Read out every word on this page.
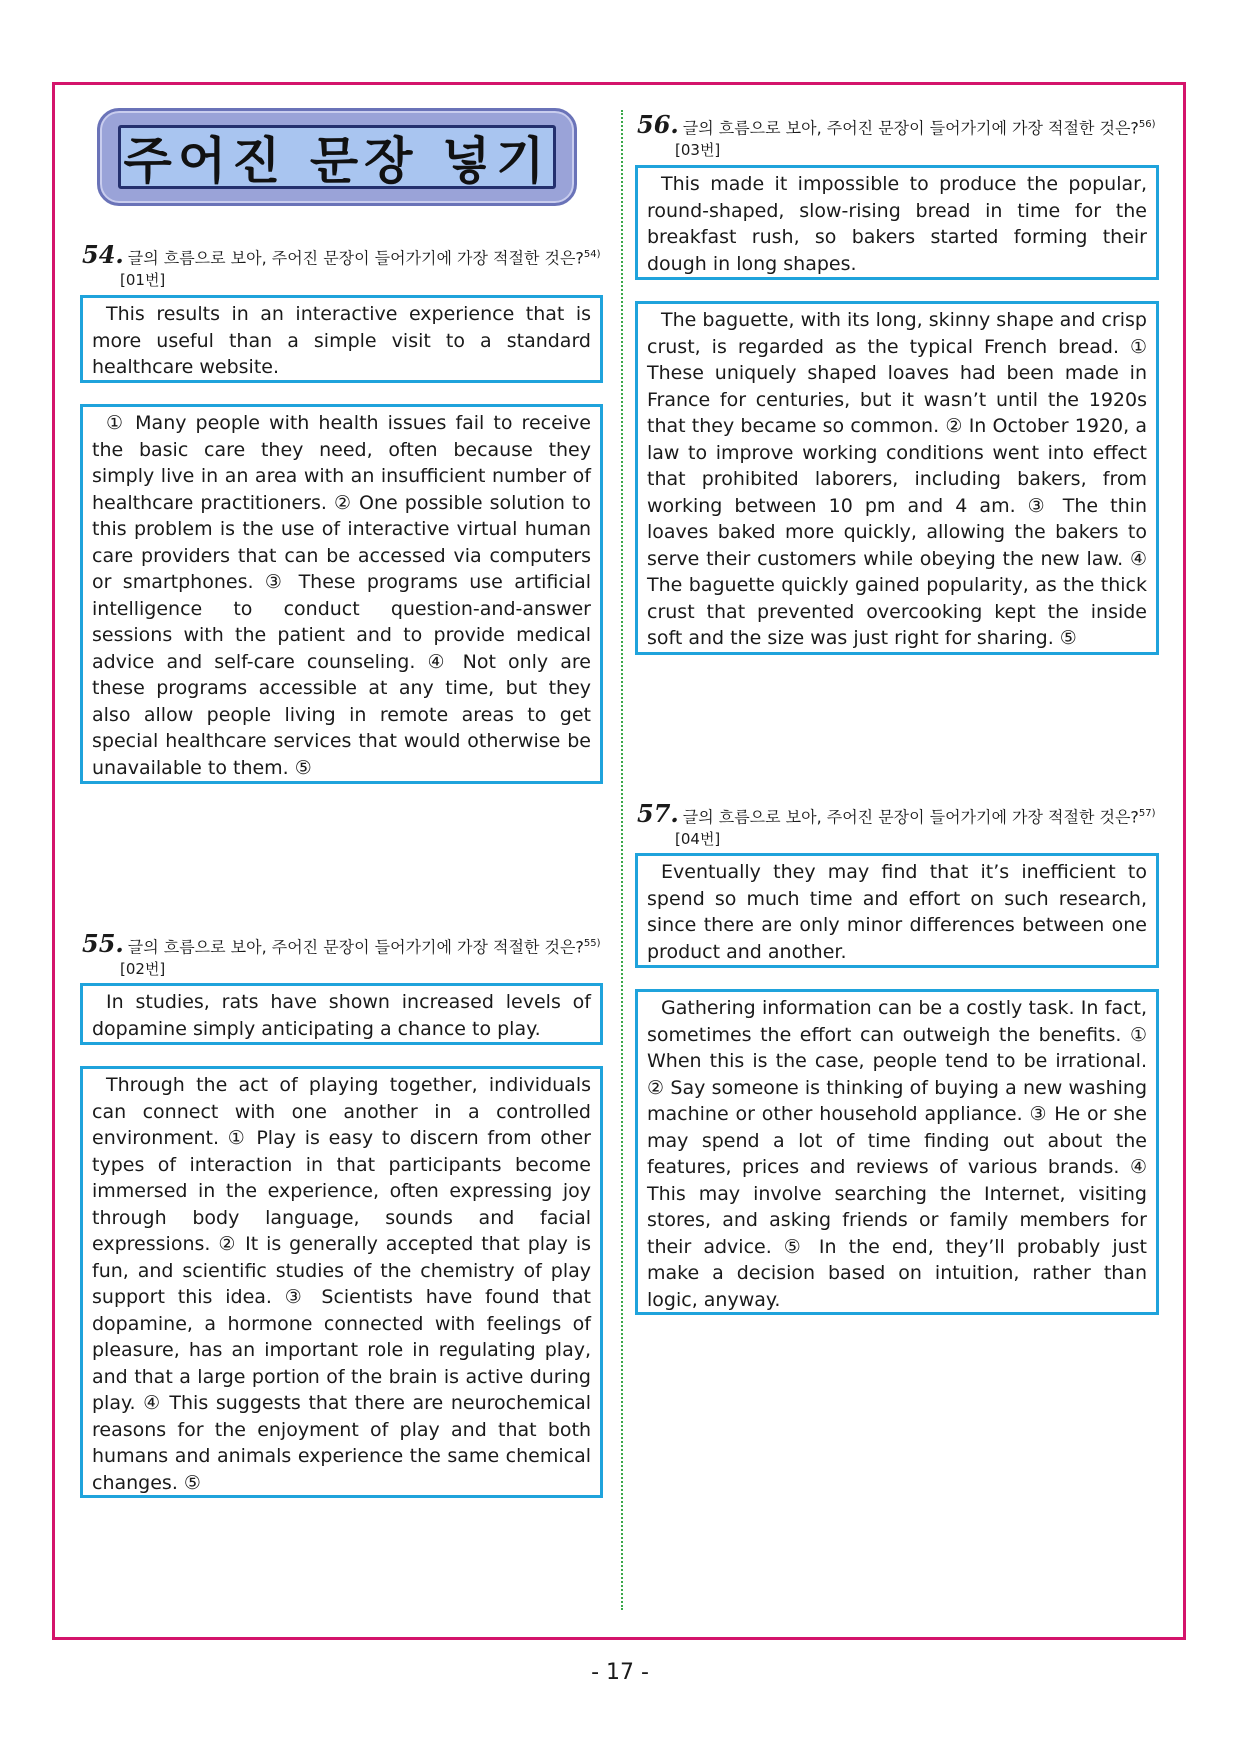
주어진 문장 넣기
54. 글의 흐름으로 보아, 주어진 문장이 들어가기에 가장 적절한 것은?$^{54)}$
[01번]
This results in an interactive experience that is more useful than a simple visit to a standard healthcare website.
① Many people with health issues fail to receive the basic care they need, often because they simply live in an area with an insufficient number of healthcare practitioners. ② One possible solution to this problem is the use of interactive virtual human care providers that can be accessed via computers or smartphones. ③ These programs use artificial intelligence to conduct question-and-answer sessions with the patient and to provide medical advice and self-care counseling. ④ Not only are these programs accessible at any time, but they also allow people living in remote areas to get special healthcare services that would otherwise be unavailable to them. ⑤
55. 글의 흐름으로 보아, 주어진 문장이 들어가기에 가장 적절한 것은?$^{55)}$
[02번]
In studies, rats have shown increased levels of dopamine simply anticipating a chance to play.
Through the act of playing together, individuals can connect with one another in a controlled environment. ① Play is easy to discern from other types of interaction in that participants become immersed in the experience, often expressing joy through body language, sounds and facial expressions. ② It is generally accepted that play is fun, and scientific studies of the chemistry of play support this idea. ③ Scientists have found that dopamine, a hormone connected with feelings of pleasure, has an important role in regulating play, and that a large portion of the brain is active during play. ④ This suggests that there are neurochemical reasons for the enjoyment of play and that both humans and animals experience the same chemical changes. ⑤
56. 글의 흐름으로 보아, 주어진 문장이 들어가기에 가장 적절한 것은?$^{56)}$
[03번]
This made it impossible to produce the popular, round-shaped, slow-rising bread in time for the breakfast rush, so bakers started forming their dough in long shapes.
The baguette, with its long, skinny shape and crisp crust, is regarded as the typical French bread. ① These uniquely shaped loaves had been made in France for centuries, but it wasn’t until the 1920s that they became so common. ② In October 1920, a law to improve working conditions went into effect that prohibited laborers, including bakers, from working between 10 pm and 4 am. ③ The thin loaves baked more quickly, allowing the bakers to serve their customers while obeying the new law. ④ The baguette quickly gained popularity, as the thick crust that prevented overcooking kept the inside soft and the size was just right for sharing. ⑤
57. 글의 흐름으로 보아, 주어진 문장이 들어가기에 가장 적절한 것은?$^{57)}$
[04번]
Eventually they may find that it’s inefficient to spend so much time and effort on such research, since there are only minor differences between one product and another.
Gathering information can be a costly task. In fact, sometimes the effort can outweigh the benefits. ① When this is the case, people tend to be irrational. ② Say someone is thinking of buying a new washing machine or other household appliance. ③ He or she may spend a lot of time finding out about the features, prices and reviews of various brands. ④ This may involve searching the Internet, visiting stores, and asking friends or family members for their advice. ⑤ In the end, they’ll probably just make a decision based on intuition, rather than logic, anyway.
- 17 -
